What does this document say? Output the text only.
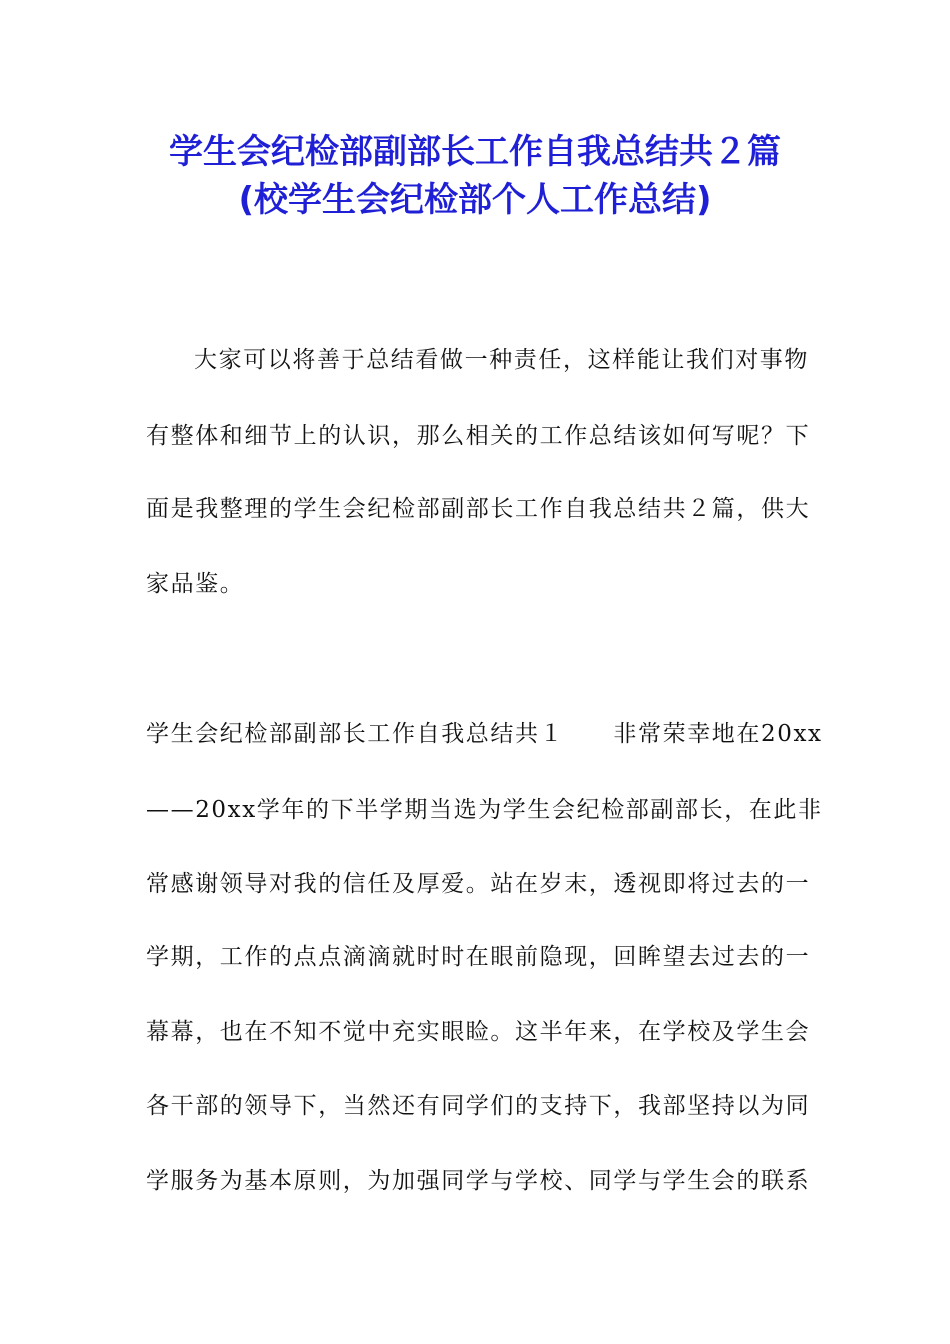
学生会纪检部副部长工作自我总结共２篇
(校学生会纪检部个人工作总结)
大家可以将善于总结看做一种责任，这样能让我们对事物
有整体和细节上的认识，那么相关的工作总结该如何写呢？下
面是我整理的学生会纪检部副部长工作自我总结共２篇，供大
家品鉴。
学生会纪检部副部长工作自我总结共１　　非常荣幸地在20xx
——20xx学年的下半学期当选为学生会纪检部副部长，在此非
常感谢领导对我的信任及厚爱。站在岁末，透视即将过去的一
学期，工作的点点滴滴就时时在眼前隐现，回眸望去过去的一
幕幕，也在不知不觉中充实眼睑。这半年来，在学校及学生会
各干部的领导下，当然还有同学们的支持下，我部坚持以为同
学服务为基本原则，为加强同学与学校、同学与学生会的联系
